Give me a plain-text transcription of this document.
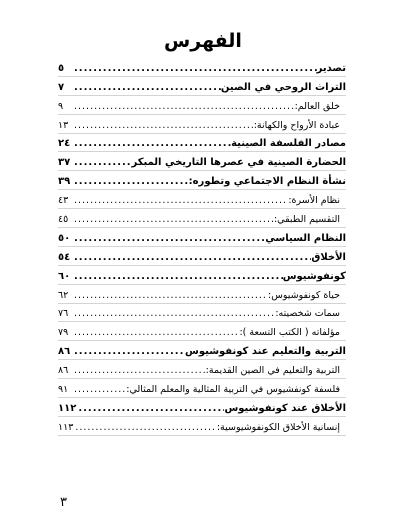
الفهرس
تصدير
.....
٥
التراث الروحي في الصين
.....
٧
خلق العالم:
.....
٩
عبادة الأرواح والكهانة:
.....
١٣
مصادر الفلسفة الصينية
.....
٢٤
الحضارة الصينية في عصرها التاريخي المبكر
.....
٣٧
نشأة النظام الاجتماعي وتطوره:
.....
٣٩
نظام الأسرة:
.....
٤٣
التقسيم الطبقي:
.....
٤٥
النظام السياسي
.....
٥٠
الأخلاق
.....
٥٤
كونفوشيوس
.....
٦٠
حياة كونفوشيوس:
.....
٦٢
سمات شخصيته:
.....
٧٦
مؤلفاته ( الكتب التسعة ):
.....
٧٩
التربية والتعليم عند كونفوشيوس
.....
٨٦
التربية والتعليم في الصين القديمة:
.....
٨٦
فلسفة كونفشيوس في التربية المثالية والمعلم المثالي:
.....
٩١
الأخلاق عند كونفوشيوس
.....
١١٢
إنسانية الأخلاق الكونفوشيوسية:
.....
١١٣
٣
